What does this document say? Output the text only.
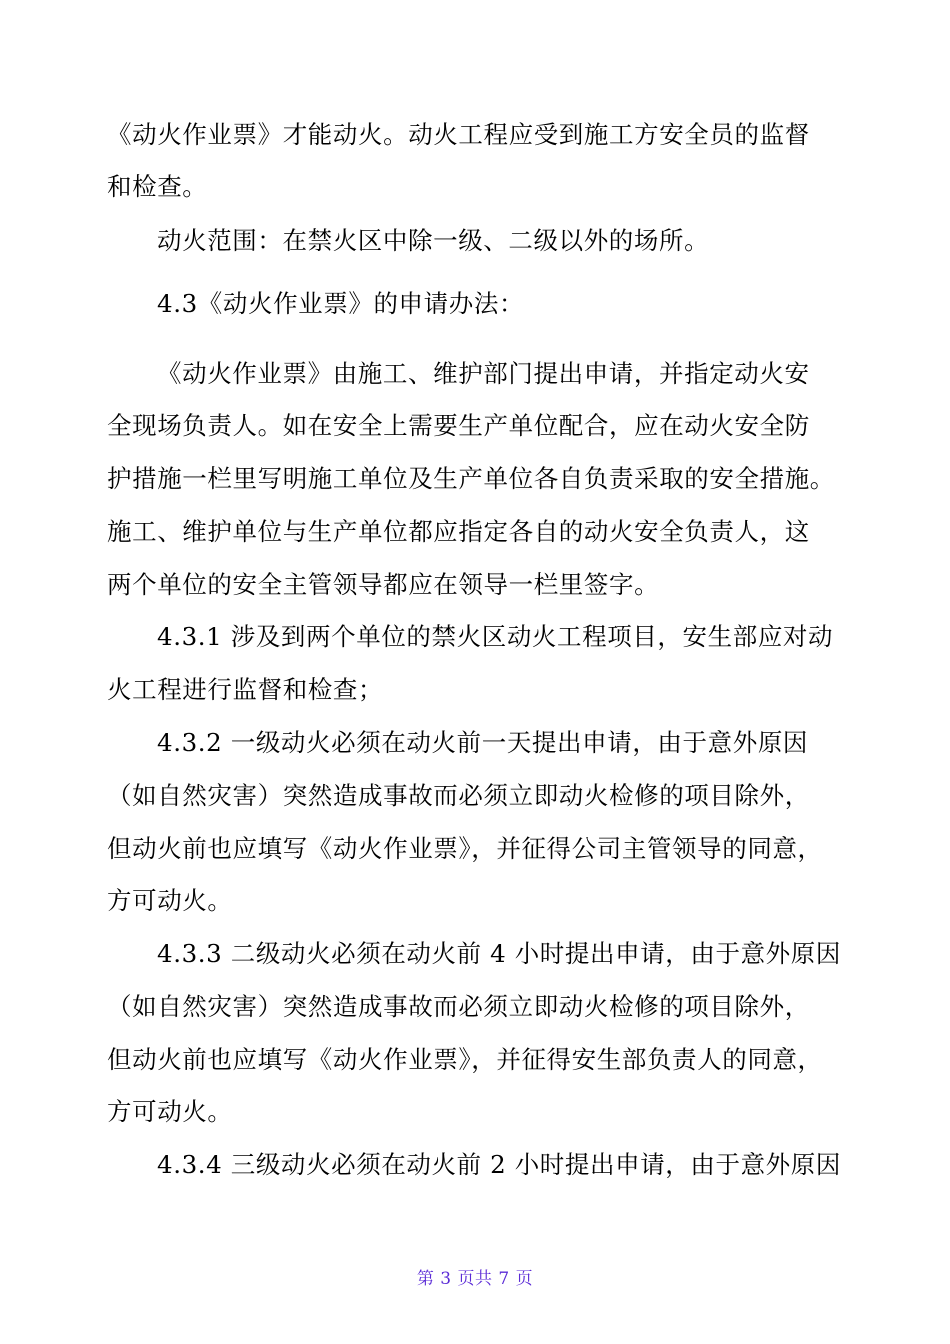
《动火作业票》才能动火。动火工程应受到施工方安全员的监督
和检查。
动火范围：在禁火区中除一级、二级以外的场所。
4.3《动火作业票》的申请办法：
《动火作业票》由施工、维护部门提出申请，并指定动火安
全现场负责人。如在安全上需要生产单位配合，应在动火安全防
护措施一栏里写明施工单位及生产单位各自负责采取的安全措施。
施工、维护单位与生产单位都应指定各自的动火安全负责人，这
两个单位的安全主管领导都应在领导一栏里签字。
4.3.1 涉及到两个单位的禁火区动火工程项目，安生部应对动
火工程进行监督和检查；
4.3.2 一级动火必须在动火前一天提出申请，由于意外原因
（如自然灾害）突然造成事故而必须立即动火检修的项目除外，
但动火前也应填写《动火作业票》，并征得公司主管领导的同意，
方可动火。
4.3.3 二级动火必须在动火前 4 小时提出申请，由于意外原因
（如自然灾害）突然造成事故而必须立即动火检修的项目除外，
但动火前也应填写《动火作业票》，并征得安生部负责人的同意，
方可动火。
4.3.4 三级动火必须在动火前 2 小时提出申请，由于意外原因
第 3 页共 7 页
